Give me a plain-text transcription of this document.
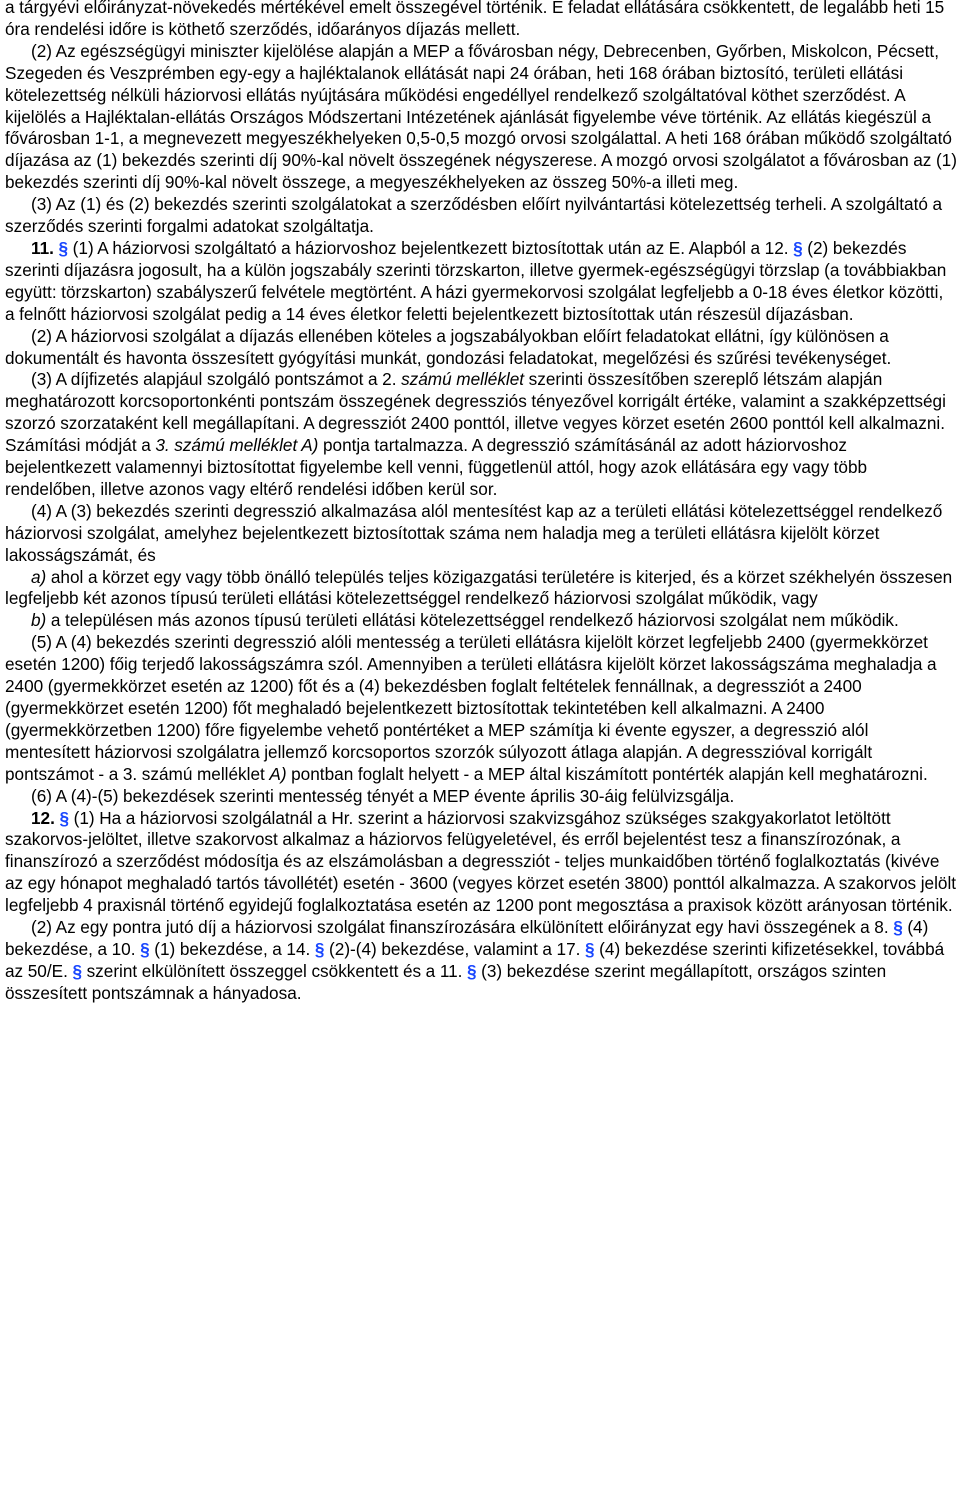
a tárgyévi előirányzat-növekedés mértékével emelt összegével történik. E feladat ellátására csökkentett, de legalább heti 15 óra rendelési időre is köthető szerződés, időarányos díjazás mellett.

(2) Az egészségügyi miniszter kijelölése alapján a MEP a fővárosban négy, Debrecenben, Győrben, Miskolcon, Pécsett, Szegeden és Veszprémben egy-egy a hajléktalanok ellátását napi 24 órában, heti 168 órában biztosító, területi ellátási kötelezettség nélküli háziorvosi ellátás nyújtására működési engedéllyel rendelkező szolgáltatóval köthet szerződést. A kijelölés a Hajléktalan-ellátás Országos Módszertani Intézetének ajánlását figyelembe véve történik. Az ellátás kiegészül a fővárosban 1-1, a megnevezett megyeszékhelyeken 0,5-0,5 mozgó orvosi szolgálattal. A heti 168 órában működő szolgáltató díjazása az (1) bekezdés szerinti díj 90%-kal növelt összegének négyszerese. A mozgó orvosi szolgálatot a fővárosban az (1) bekezdés szerinti díj 90%-kal növelt összege, a megyeszékhelyeken az összeg 50%-a illeti meg.

(3) Az (1) és (2) bekezdés szerinti szolgálatokat a szerződésben előírt nyilvántartási kötelezettség terheli. A szolgáltató a szerződés szerinti forgalmi adatokat szolgáltatja.

11. § (1) A háziorvosi szolgáltató a háziorvoshoz bejelentkezett biztosítottak után az E. Alapból a 12. § (2) bekezdés szerinti díjazásra jogosult, ha a külön jogszabály szerinti törzskarton, illetve gyermek-egészségügyi törzslap (a továbbiakban együtt: törzskarton) szabályszerű felvétele megtörtént. A házi gyermekorvosi szolgálat legfeljebb a 0-18 éves életkor közötti, a felnőtt háziorvosi szolgálat pedig a 14 éves életkor feletti bejelentkezett biztosítottak után részesül díjazásban.

(2) A háziorvosi szolgálat a díjazás ellenében köteles a jogszabályokban előírt feladatokat ellátni, így különösen a dokumentált és havonta összesített gyógyítási munkát, gondozási feladatokat, megelőzési és szűrési tevékenységet.

(3) A díjfizetés alapjául szolgáló pontszámot a 2. számú melléklet szerinti összesítőben szereplő létszám alapján meghatározott korcsoportonkénti pontszám összegének degressziós tényezővel korrigált értéke, valamint a szakképzettségi szorzó szorzataként kell megállapítani. A degressziót 2400 ponttól, illetve vegyes körzet esetén 2600 ponttól kell alkalmazni. Számítási módját a 3. számú melléklet A) pontja tartalmazza. A degresszió számításánál az adott háziorvoshoz bejelentkezett valamennyi biztosítottat figyelembe kell venni, függetlenül attól, hogy azok ellátására egy vagy több rendelőben, illetve azonos vagy eltérő rendelési időben kerül sor.

(4) A (3) bekezdés szerinti degresszió alkalmazása alól mentesítést kap az a területi ellátási kötelezettséggel rendelkező háziorvosi szolgálat, amelyhez bejelentkezett biztosítottak száma nem haladja meg a területi ellátásra kijelölt körzet lakosságszámát, és

a) ahol a körzet egy vagy több önálló település teljes közigazgatási területére is kiterjed, és a körzet székhelyén összesen legfeljebb két azonos típusú területi ellátási kötelezettséggel rendelkező háziorvosi szolgálat működik, vagy

b) a településen más azonos típusú területi ellátási kötelezettséggel rendelkező háziorvosi szolgálat nem működik.

(5) A (4) bekezdés szerinti degresszió alóli mentesség a területi ellátásra kijelölt körzet legfeljebb 2400 (gyermekkörzet esetén 1200) főig terjedő lakosságszámra szól. Amennyiben a területi ellátásra kijelölt körzet lakosságszáma meghaladja a 2400 (gyermekkörzet esetén az 1200) főt és a (4) bekezdésben foglalt feltételek fennállnak, a degressziót a 2400 (gyermekkörzet esetén 1200) főt meghaladó bejelentkezett biztosítottak tekintetében kell alkalmazni. A 2400 (gyermekkörzetben 1200) főre figyelembe vehető pontértéket a MEP számítja ki évente egyszer, a degresszió alól mentesített háziorvosi szolgálatra jellemző korcsoportos szorzók súlyozott átlaga alapján. A degresszióval korrigált pontszámot - a 3. számú melléklet A) pontban foglalt helyett - a MEP által kiszámított pontérték alapján kell meghatározni.

(6) A (4)-(5) bekezdések szerinti mentesség tényét a MEP évente április 30-áig felülvizsgálja.

12. § (1) Ha a háziorvosi szolgálatnál a Hr. szerint a háziorvosi szakvizsgához szükséges szakgyakorlatot letöltött szakorvos-jelöltet, illetve szakorvost alkalmaz a háziorvos felügyeletével, és erről bejelentést tesz a finanszírozónak, a finanszírozó a szerződést módosítja és az elszámolásban a degressziót - teljes munkaidőben történő foglalkoztatás (kivéve az egy hónapot meghaladó tartós távollétét) esetén - 3600 (vegyes körzet esetén 3800) ponttól alkalmazza. A szakorvos jelölt legfeljebb 4 praxisnál történő egyidejű foglalkoztatása esetén az 1200 pont megosztása a praxisok között arányosan történik.

(2) Az egy pontra jutó díj a háziorvosi szolgálat finanszírozására elkülönített előirányzat egy havi összegének a 8. § (4) bekezdése, a 10. § (1) bekezdése, a 14. § (2)-(4) bekezdése, valamint a 17. § (4) bekezdése szerinti kifizetésekkel, továbbá az 50/E. § szerint elkülönített összeggel csökkentett és a 11. § (3) bekezdése szerint megállapított, országos szinten összesített pontszámnak a hányadosa.
